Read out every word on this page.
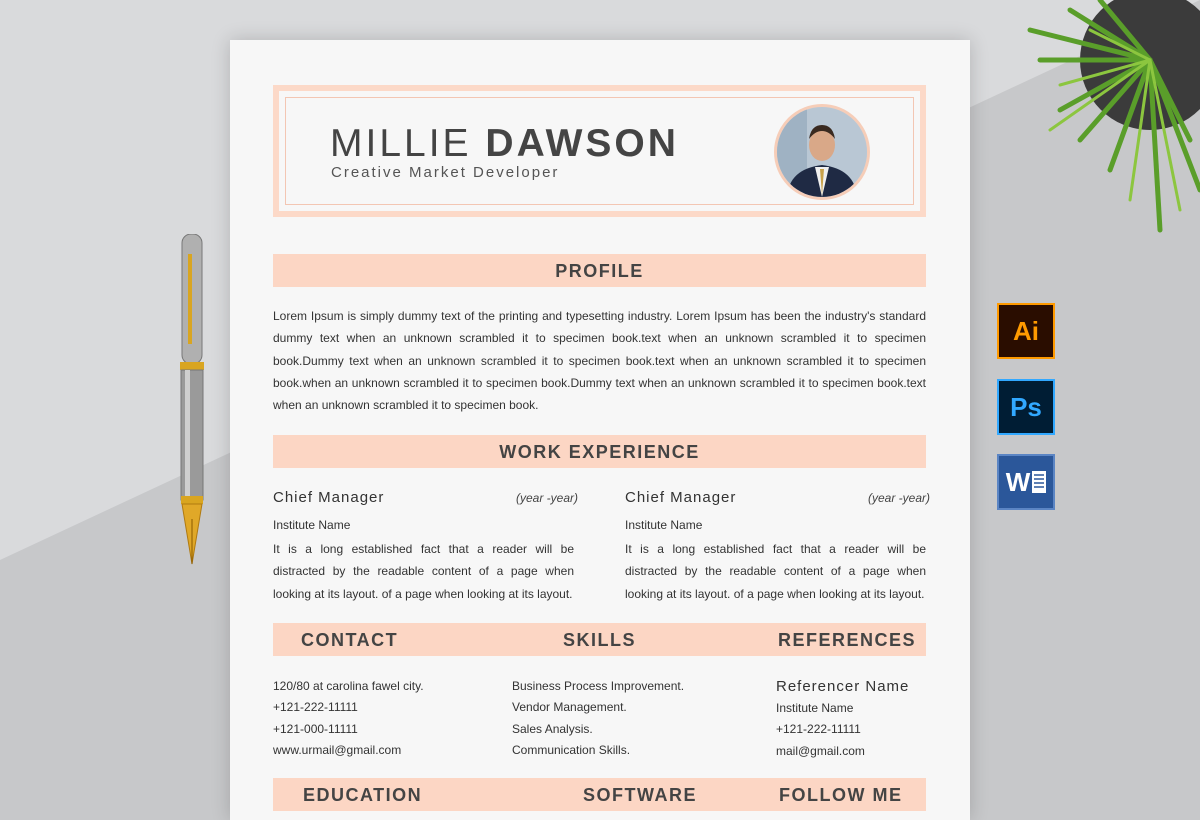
Ai
Ps
W
MILLIE DAWSON
Creative Market Developer
PROFILE
Lorem Ipsum is simply dummy text of the printing and typesetting industry. Lorem Ipsum has been the industry's standard dummy text when an unknown scrambled it to specimen book.text when an unknown scrambled it to specimen book.Dummy text when an unknown scrambled it to specimen book.text when an unknown scrambled it to specimen book.when an unknown scrambled it to specimen book.Dummy text when an unknown scrambled it to specimen book.text when an unknown scrambled it to specimen book.
WORK EXPERIENCE
Chief Manager	(year -year)
Institute Name
It is a long established fact that a reader will be distracted by the readable content of a page when looking at its layout. of a page when looking at its layout.
Chief Manager	(year -year)
Institute Name
It is a long established fact that a reader will be distracted by the readable content of a page when looking at its layout. of a page when looking at its layout.
CONTACT	SKILLS	REFERENCES
120/80 at carolina fawel city.
+121-222-11111
+121-000-11111
www.urmail@gmail.com
Business Process Improvement.
Vendor Management.
Sales Analysis.
Communication Skills.
Referencer Name
Institute Name
+121-222-11111
mail@gmail.com
EDUCATION	SOFTWARE	FOLLOW ME
